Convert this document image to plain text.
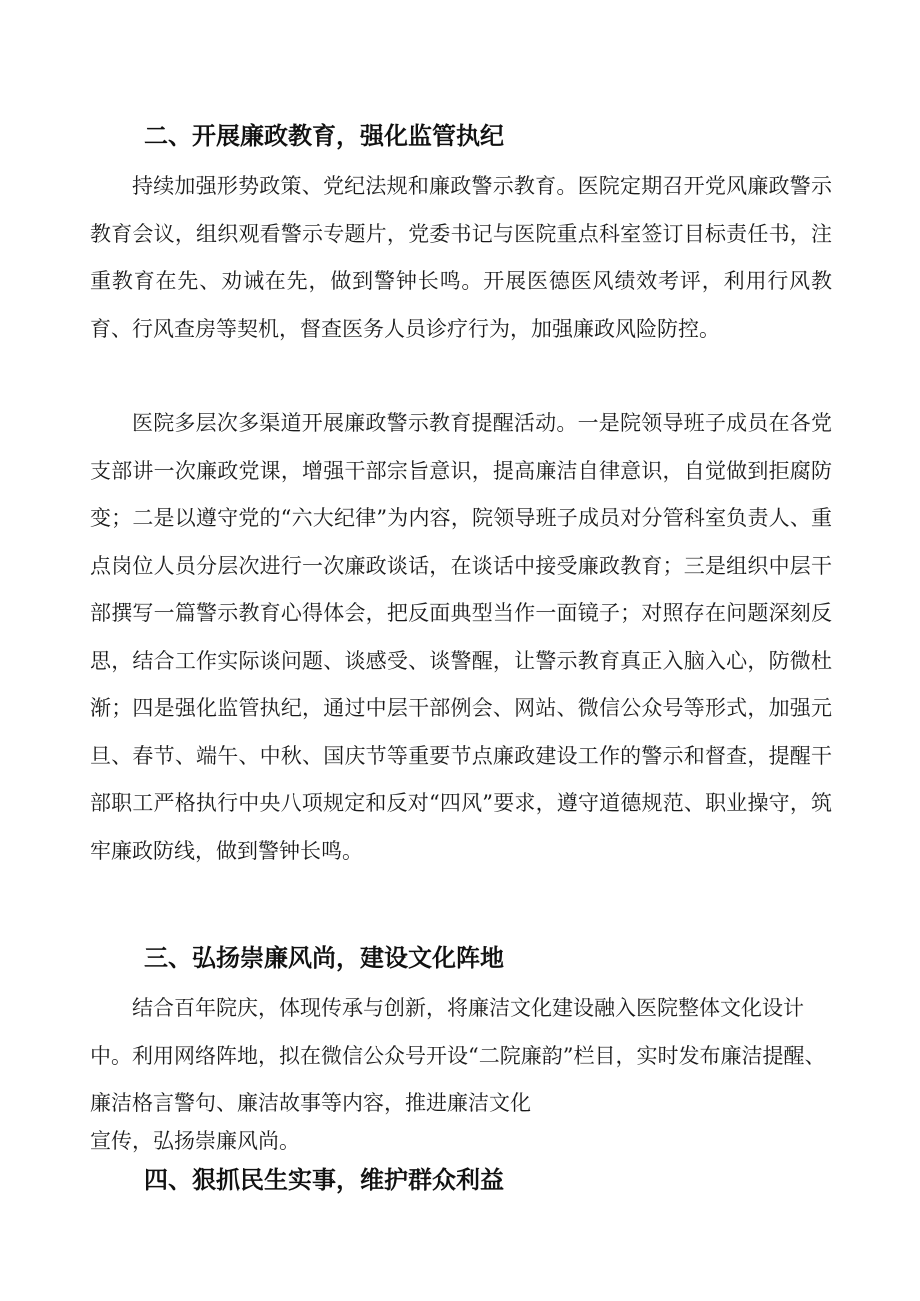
二、开展廉政教育，强化监管执纪

持续加强形势政策、党纪法规和廉政警示教育。医院定期召开党风廉政警示教育会议，组织观看警示专题片，党委书记与医院重点科室签订目标责任书，注重教育在先、劝诫在先，做到警钟长鸣。开展医德医风绩效考评，利用行风教育、行风查房等契机，督查医务人员诊疗行为，加强廉政风险防控。

医院多层次多渠道开展廉政警示教育提醒活动。一是院领导班子成员在各党支部讲一次廉政党课，增强干部宗旨意识，提高廉洁自律意识，自觉做到拒腐防变；二是以遵守党的“六大纪律”为内容，院领导班子成员对分管科室负责人、重点岗位人员分层次进行一次廉政谈话，在谈话中接受廉政教育；三是组织中层干部撰写一篇警示教育心得体会，把反面典型当作一面镜子；对照存在问题深刻反思，结合工作实际谈问题、谈感受、谈警醒，让警示教育真正入脑入心，防微杜渐；四是强化监管执纪，通过中层干部例会、网站、微信公众号等形式，加强元旦、春节、端午、中秋、国庆节等重要节点廉政建设工作的警示和督查，提醒干部职工严格执行中央八项规定和反对“四风”要求，遵守道德规范、职业操守，筑牢廉政防线，做到警钟长鸣。

三、弘扬崇廉风尚，建设文化阵地

结合百年院庆，体现传承与创新，将廉洁文化建设融入医院整体文化设计中。利用网络阵地，拟在微信公众号开设“二院廉韵”栏目，实时发布廉洁提醒、廉洁格言警句、廉洁故事等内容，推进廉洁文化

宣传，弘扬崇廉风尚。

四、狠抓民生实事，维护群众利益
